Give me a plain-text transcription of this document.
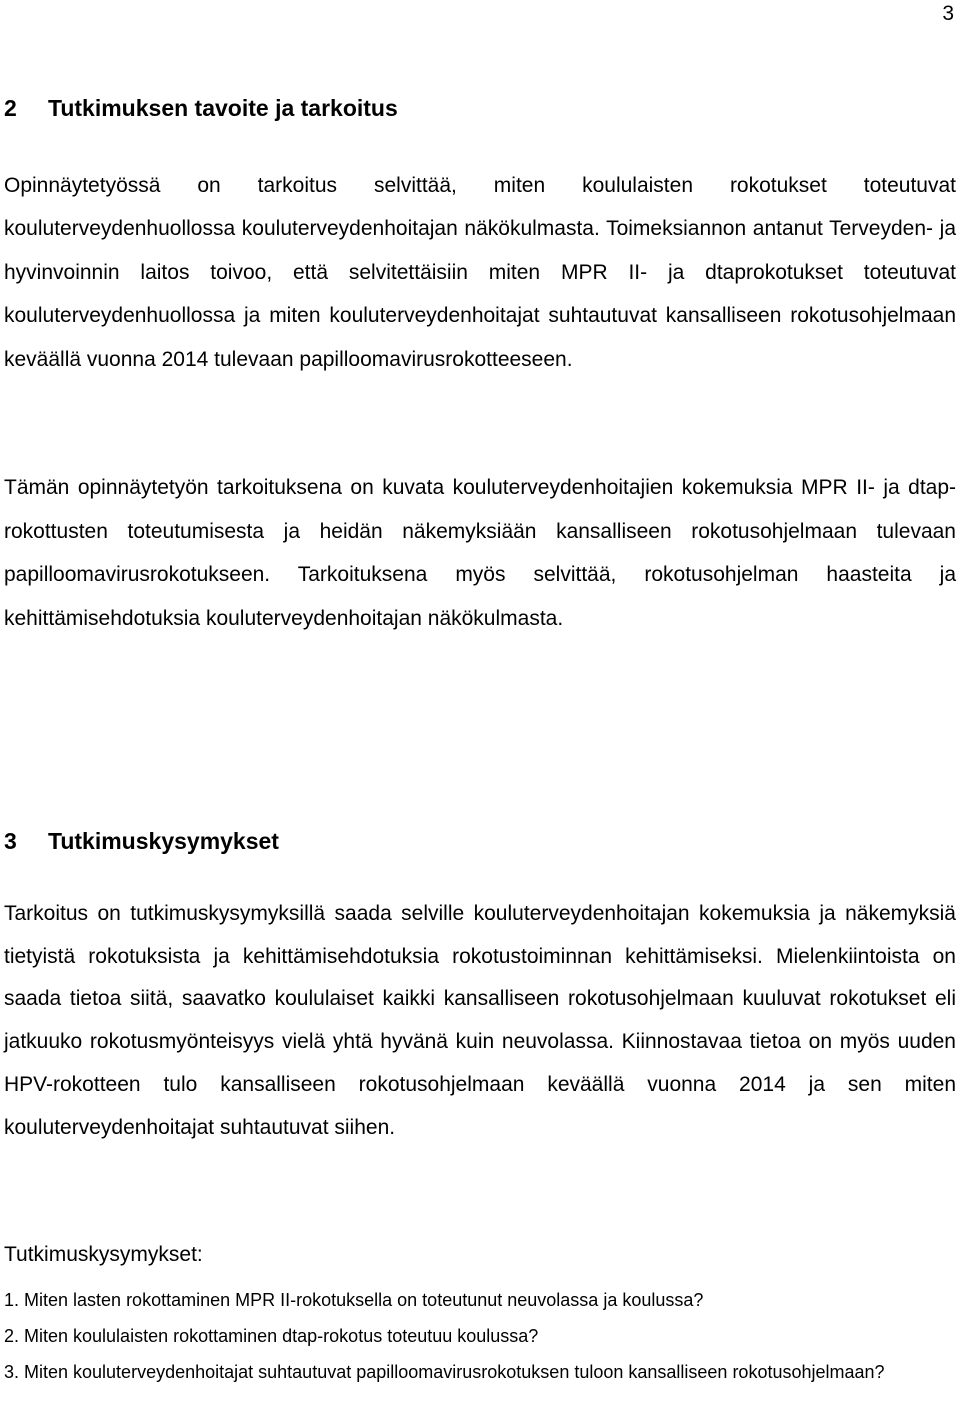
3
2 Tutkimuksen tavoite ja tarkoitus

Opinnäytetyössä on tarkoitus selvittää, miten koululaisten rokotukset toteutuvat kouluterveydenhuollossa kouluterveydenhoitajan näkökulmasta. Toimeksiannon antanut Terveyden- ja hyvinvoinnin laitos toivoo, että selvitettäisiin miten MPR II- ja dtaprokotukset toteutuvat kouluterveydenhuollossa ja miten kouluterveydenhoitajat suhtautuvat kansalliseen rokotusohjelmaan keväällä vuonna 2014 tulevaan papilloomavirusrokotteeseen.

Tämän opinnäytetyön tarkoituksena on kuvata kouluterveydenhoitajien kokemuksia MPR II- ja dtap-rokottusten toteutumisesta ja heidän näkemyksiään kansalliseen rokotusohjelmaan tulevaan papilloomavirusrokotukseen. Tarkoituksena myös selvittää, rokotusohjelman haasteita ja kehittämisehdotuksia kouluterveydenhoitajan näkökulmasta.

3 Tutkimuskysymykset

Tarkoitus on tutkimuskysymyksillä saada selville kouluterveydenhoitajan kokemuksia ja näkemyksiä tietyistä rokotuksista ja kehittämisehdotuksia rokotustoiminnan kehittämiseksi. Mielenkiintoista on saada tietoa siitä, saavatko koululaiset kaikki kansalliseen rokotusohjelmaan kuuluvat rokotukset eli jatkuuko rokotusmyönteisyys vielä yhtä hyvänä kuin neuvolassa. Kiinnostavaa tietoa on myös uuden HPV-rokotteen tulo kansalliseen rokotusohjelmaan keväällä vuonna 2014 ja sen miten kouluterveydenhoitajat suhtautuvat siihen.

Tutkimuskysymykset:

1. Miten lasten rokottaminen MPR II-rokotuksella on toteutunut neuvolassa ja koulussa?

2. Miten koululaisten rokottaminen dtap-rokotus toteutuu koulussa?

3. Miten kouluterveydenhoitajat suhtautuvat papilloomavirusrokotuksen tuloon kansalliseen rokotusohjelmaan?
